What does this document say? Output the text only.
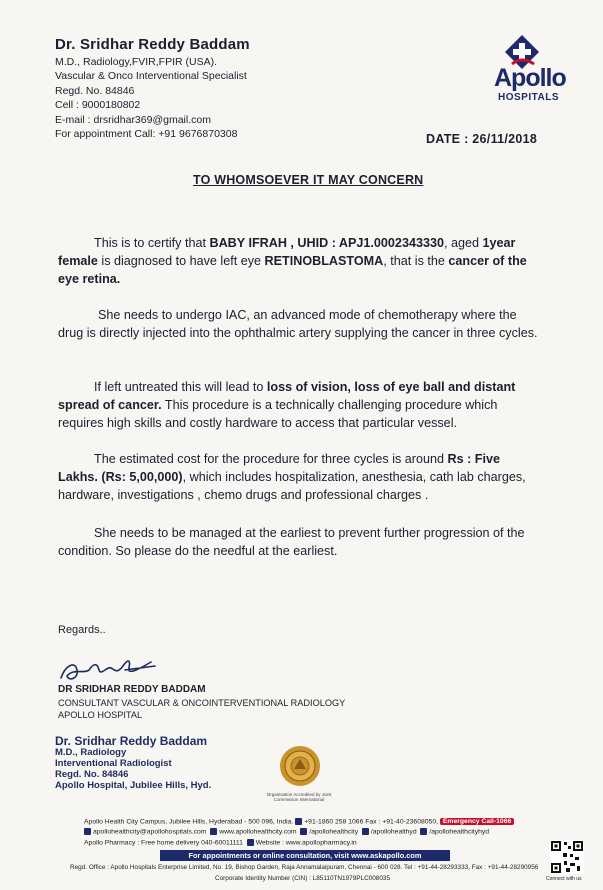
Dr. Sridhar Reddy Baddam
M.D., Radiology,FVIR,FPIR (USA).
Vascular & Onco Interventional Specialist
Regd. No. 84846
Cell : 9000180802
E-mail : drsridhar369@gmail.com
For appointment Call: +91 9676870308
Apollo
HOSPITALS
DATE : 26/11/2018
TO WHOMSOEVER IT MAY CONCERN
This is to certify that BABY IFRAH , UHID : APJ1.0002343330, aged 1year female is diagnosed to have left eye RETINOBLASTOMA, that is the cancer of the eye retina.
She needs to undergo IAC, an advanced mode of chemotherapy where the drug is directly injected into the ophthalmic artery supplying the cancer in three cycles.
If left untreated this will lead to loss of vision, loss of eye ball and distant spread of cancer. This procedure is a technically challenging procedure which requires high skills and costly hardware to access that particular vessel.
The estimated cost for the procedure for three cycles is around Rs : Five Lakhs. (Rs: 5,00,000), which includes hospitalization, anesthesia, cath lab charges, hardware, investigations , chemo drugs and professional charges .
She needs to be managed at the earliest to prevent further progression of the condition. So please do the needful at the earliest.
Regards..
DR SRIDHAR REDDY BADDAM
CONSULTANT VASCULAR & ONCOINTERVENTIONAL RADIOLOGY
APOLLO HOSPITAL
Dr. Sridhar Reddy Baddam
M.D., Radiology
Interventional Radiologist
Regd. No. 84846
Apollo Hospital, Jubilee Hills, Hyd.
Organisation Accredited by Joint Commission International
Apollo Health City Campus, Jubilee Hills, Hyderabad - 500 096, India. +91-1860 258 1066 Fax : +91-40-23608050, Emergency Call-1066
apollohealthcity@apollohospitals.com www.apollohealthcity.com /apollohealthcity /apollohealthyd /apollohealthcityhyd
Apollo Pharmacy : Free home delivery 040-60011111 Website : www.apollopharmacy.in
For appointments or online consultation, visit www.askapollo.com
Regd. Office : Apollo Hospitals Enterprise Limited, No. 19, Bishop Garden, Raja Annamalaipuram, Chennai - 600 028. Tel : +91-44-28293333, Fax : +91-44-28290956
Corporate Identity Number (CIN) : L85110TN1979PLC008035	Connect with us
